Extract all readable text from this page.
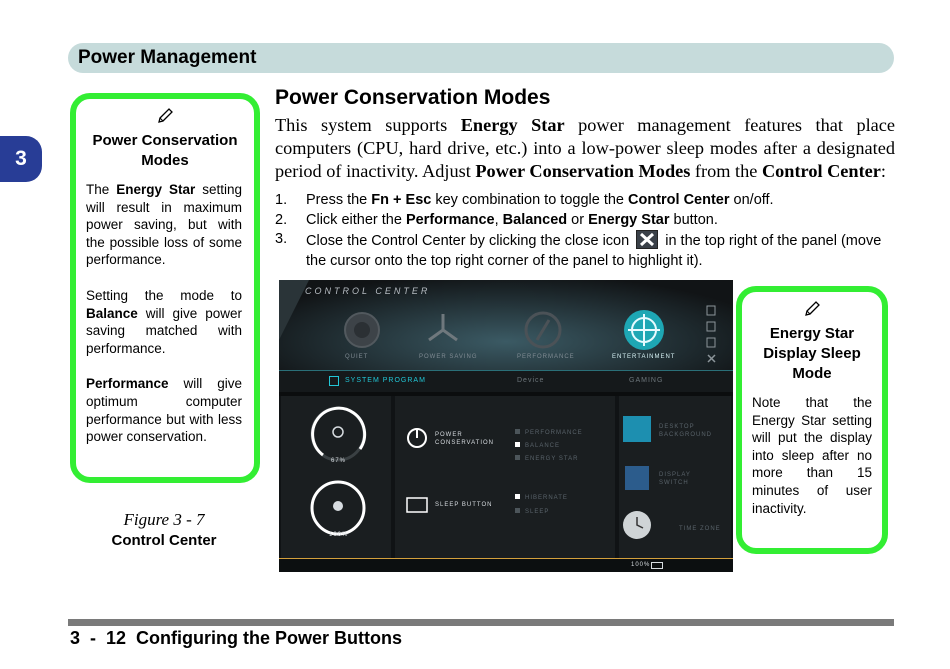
Power Management
3
Power Conservation
Modes
The Energy Star setting will result in maximum power saving, but with the possible loss of some performance.
Setting the mode to Balance will give power saving matched with performance.
Performance will give optimum computer performance but with less power conservation.
Figure 3 - 7
Control Center
Power Conservation Modes
This system supports Energy Star power management features that place computers (CPU, hard drive, etc.) into a low-power sleep modes after a designated period of inactivity. Adjust Power Conservation Modes from the Control Center:
1. Press the Fn + Esc key combination to toggle the Control Center on/off.
2. Click either the Performance, Balanced or Energy Star button.
3. Close the Control Center by clicking the close icon
in the top right of the panel (move the cursor onto the top right corner of the panel to highlight it).
CONTROL CENTER
QUIET	POWER SAVING	PERFORMANCE	ENTERTAINMENT
SYSTEM PROGRAM	Device	GAMING
67%
100%
POWER
CONSERVATION
PERFORMANCE
BALANCE
ENERGY STAR
SLEEP BUTTON
HIBERNATE
SLEEP
DESKTOP
BACKGROUND
DISPLAY
SWITCH
TIME ZONE
100%
Energy Star
Display Sleep
Mode
Note that the Energy Star setting will put the display into sleep after no more than 15 minutes of user inactivity.
3  -  12  Configuring the Power Buttons
